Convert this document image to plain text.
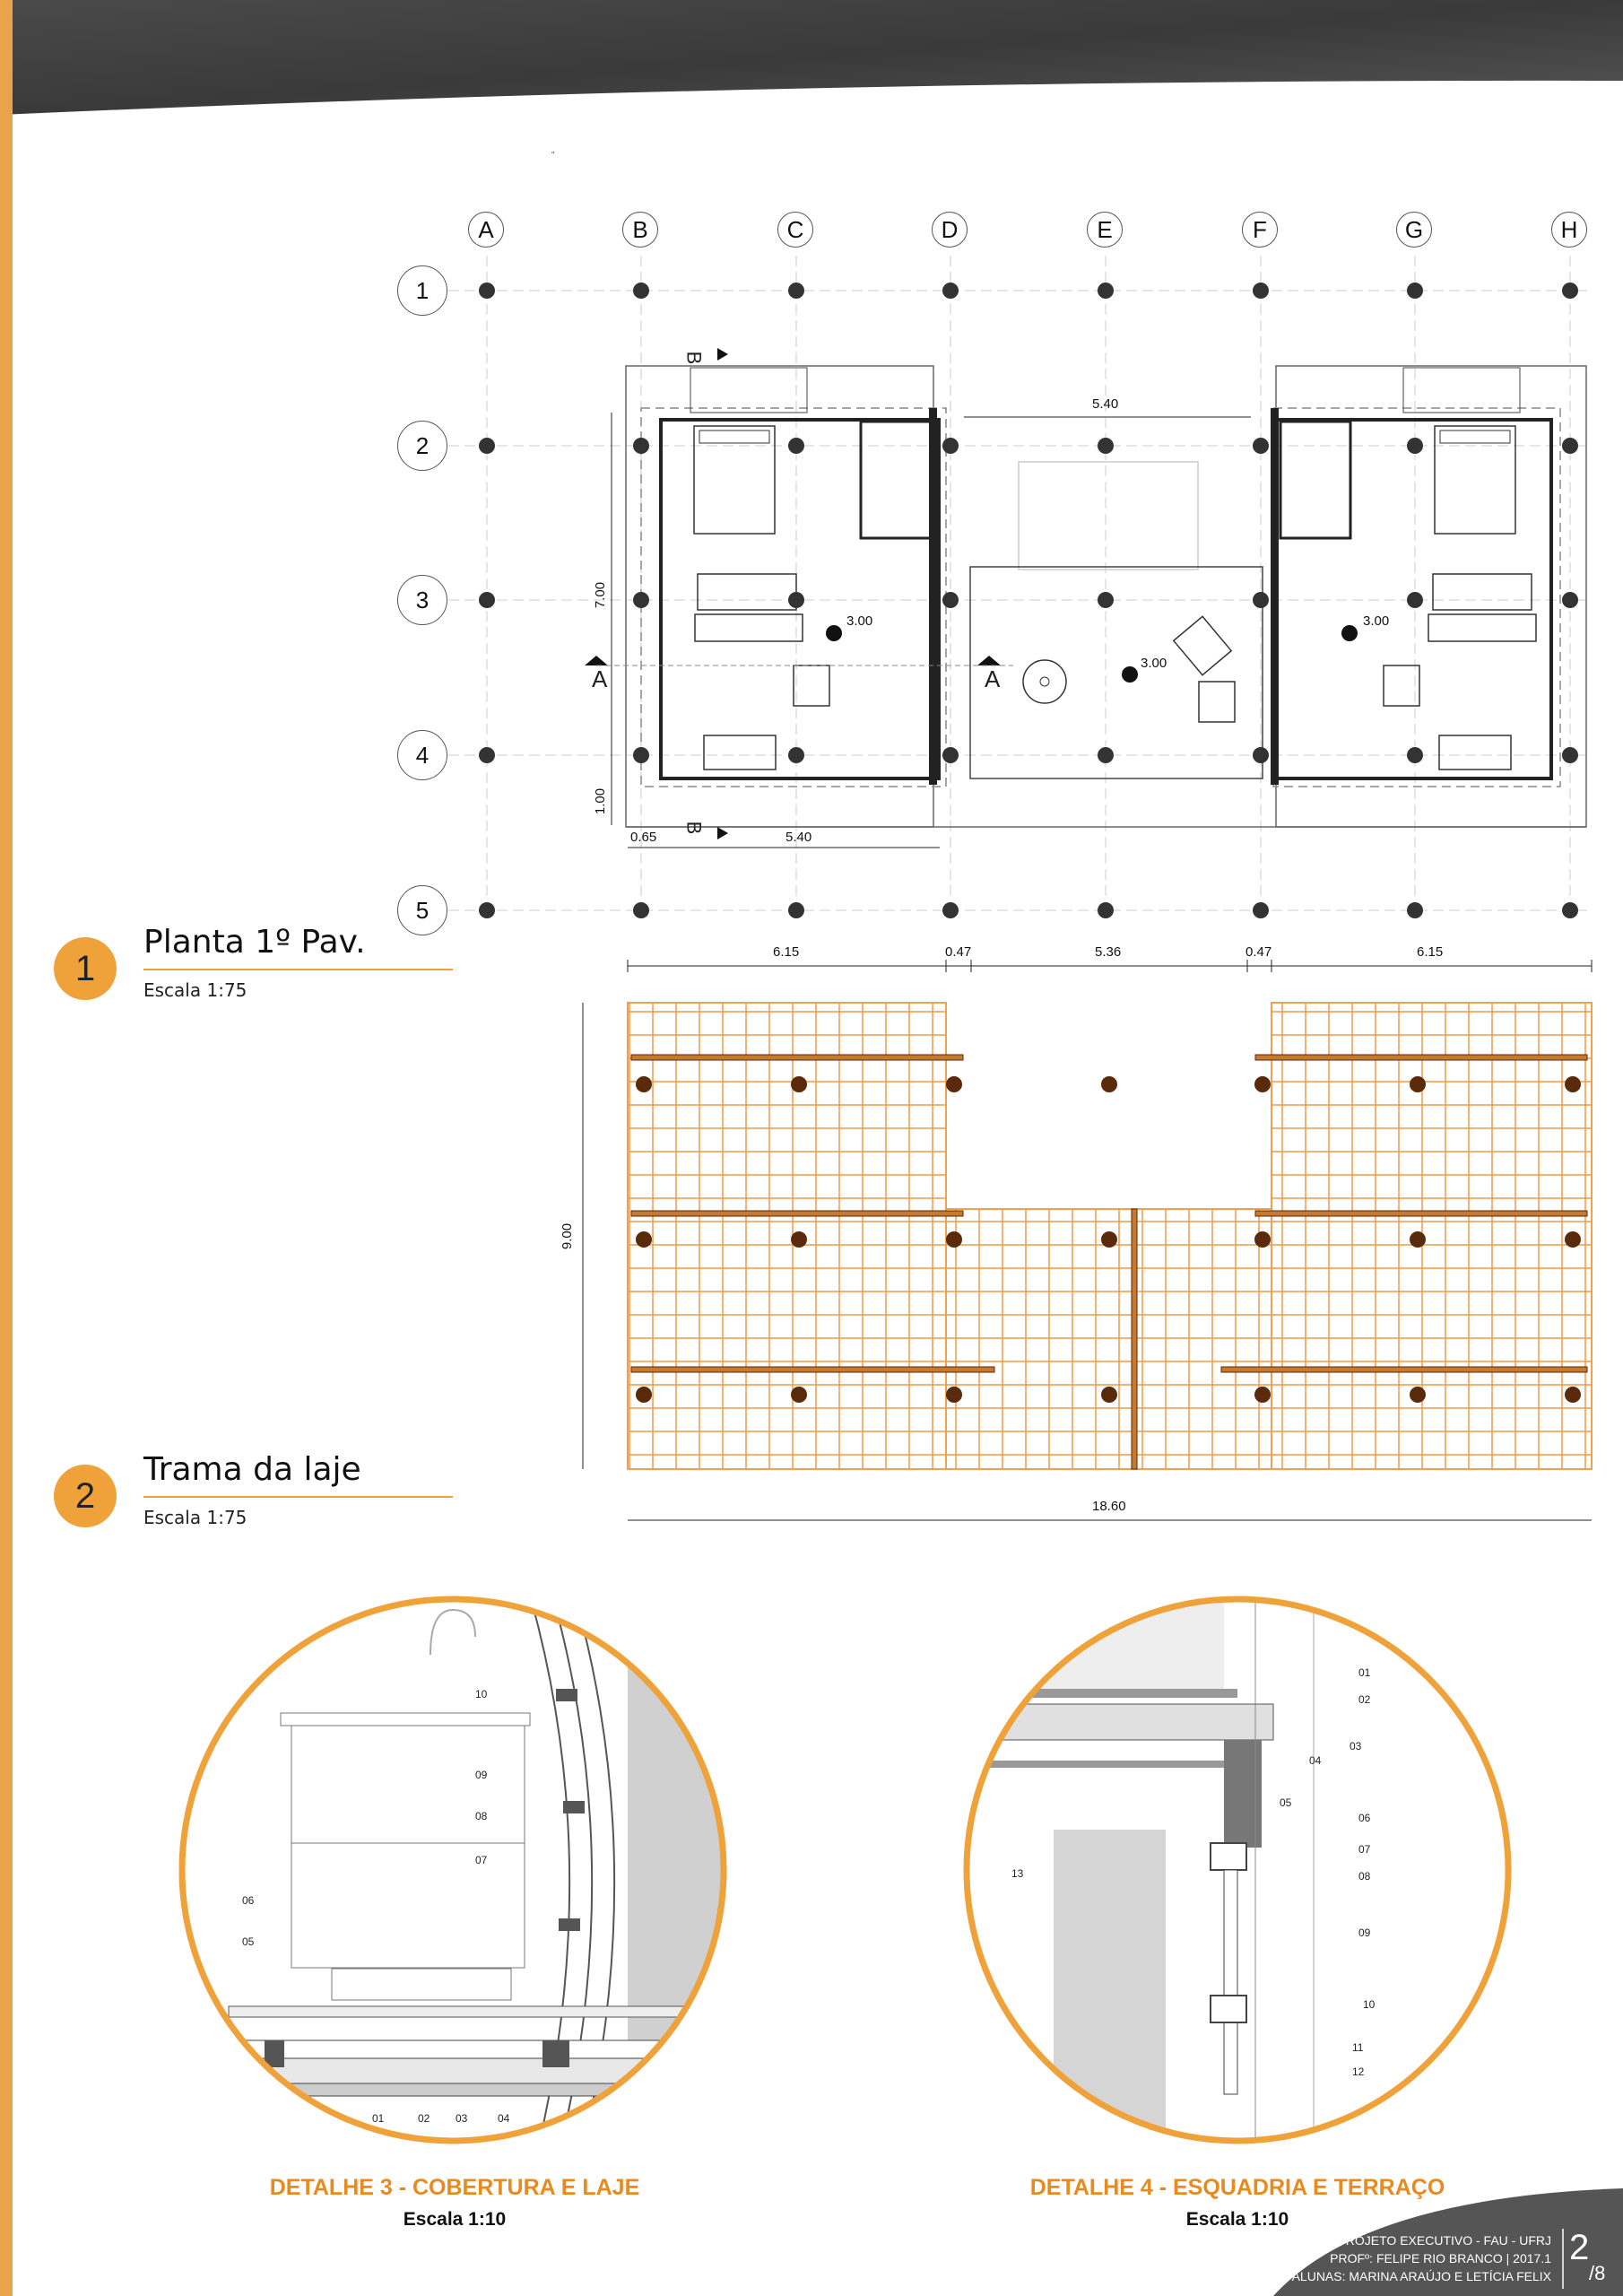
"
A	B	C	D	E	F	G	H
1
2
3
4
5
5.40
7.00
1.00
0.65	5.40
3.00
3.00
3.00
A	A
B
B
1
Planta 1º Pav.
Escala 1:75
6.15	0.47	5.36	0.47	6.15
9.00
18.60
2
Trama da laje
Escala 1:75
10
09
08
07
06
05
01	02 03	04
DETALHE 3 - COBERTURA E LAJE
Escala 1:10
01
02
03
04
05
06
07
08
09
10
11
12
13
DETALHE 4 - ESQUADRIA E TERRAÇO
Escala 1:10
PROJETO EXECUTIVO - FAU - UFRJ
PROFº: FELIPE RIO BRANCO | 2017.1
ALUNAS: MARINA ARAÚJO E LETÍCIA FELIX
2
/8
